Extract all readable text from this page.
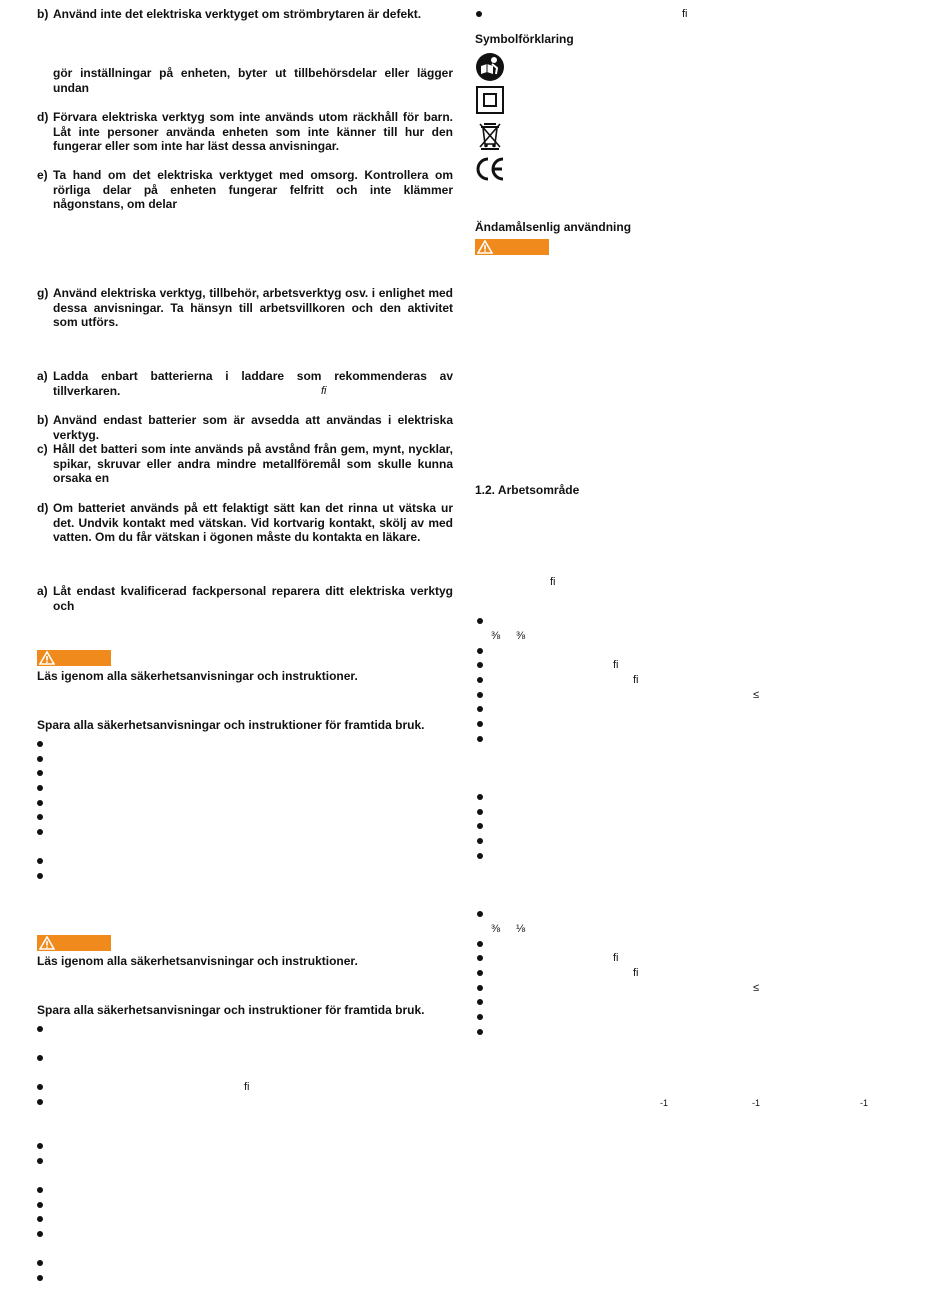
b) Använd inte det elektriska verktyget om strömbrytaren är defekt.
gör inställningar på enheten, byter ut tillbehörsdelar eller lägger undan
d) Förvara elektriska verktyg som inte används utom räckhåll för barn. Låt inte personer använda enheten som inte känner till hur den fungerar eller som inte har läst dessa anvisningar.
e) Ta hand om det elektriska verktyget med omsorg. Kontrollera om rörliga delar på enheten fungerar felfritt och inte klämmer någonstans, om delar
g) Använd elektriska verktyg, tillbehör, arbetsverktyg osv. i enlighet med dessa anvisningar. Ta hänsyn till arbetsvillkoren och den aktivitet som utförs.
a) Ladda enbart batterierna i laddare som rekommenderas av tillverkaren.	fi
b) Använd endast batterier som är avsedda att användas i elektriska verktyg.
c) Håll det batteri som inte används på avstånd från gem, mynt, nycklar, spikar, skruvar eller andra mindre metallföremål som skulle kunna orsaka en
d) Om batteriet används på ett felaktigt sätt kan det rinna ut vätska ur det. Undvik kontakt med vätskan. Vid kortvarig kontakt, skölj av med vatten. Om du får vätskan i ögonen måste du kontakta en läkare.
a) Låt endast kvalificerad fackpersonal reparera ditt elektriska verktyg och
Läs igenom alla säkerhetsanvisningar och instruktioner.
Spara alla säkerhetsanvisningar och instruktioner för framtida bruk.
Läs igenom alla säkerhetsanvisningar och instruktioner.
Spara alla säkerhetsanvisningar och instruktioner för framtida bruk.
fi
fi
Symbolförklaring
Ändamålsenlig användning
1.2. Arbetsområde
fi
⅜ ⅜
fi
fi
≤
⅜ ⅛
fi
fi
≤
-1	-1	-1
